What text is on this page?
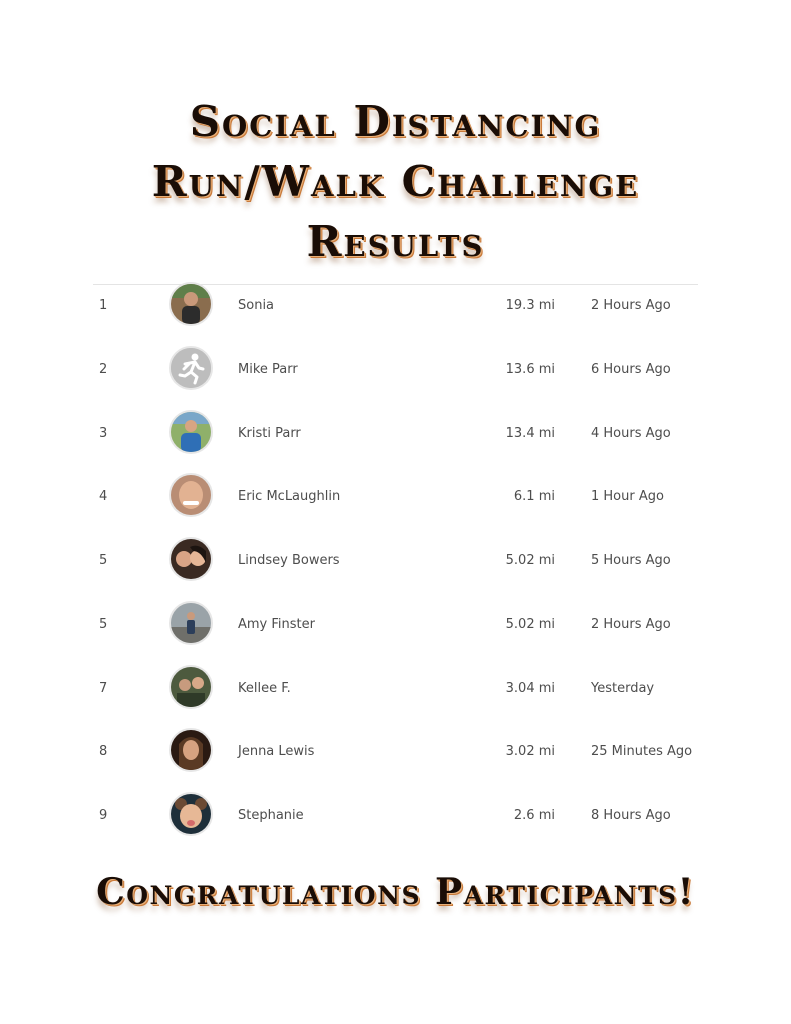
Social Distancing
Run/Walk Challenge
Results
1	Sonia	19.3 mi	2 Hours Ago
2	Mike Parr	13.6 mi	6 Hours Ago
3	Kristi Parr	13.4 mi	4 Hours Ago
4	Eric McLaughlin	6.1 mi	1 Hour Ago
5	Lindsey Bowers	5.02 mi	5 Hours Ago
5	Amy Finster	5.02 mi	2 Hours Ago
7	Kellee F.	3.04 mi	Yesterday
8	Jenna Lewis	3.02 mi	25 Minutes Ago
9	Stephanie	2.6 mi	8 Hours Ago
Congratulations Participants!
